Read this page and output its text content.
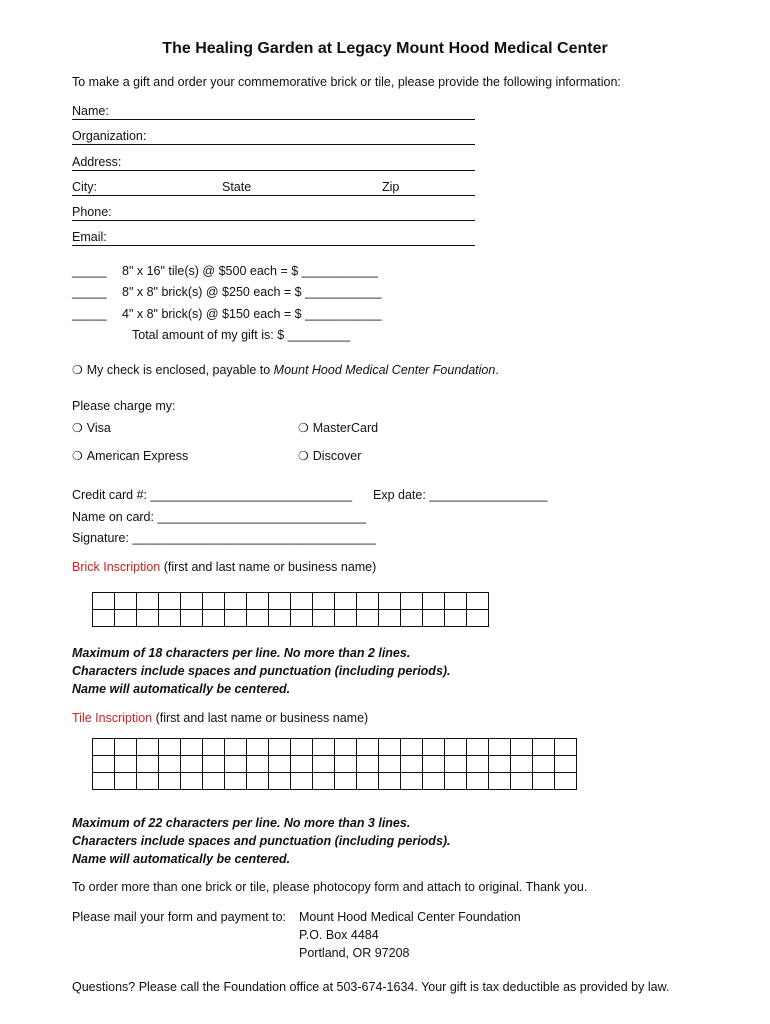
The Healing Garden at Legacy Mount Hood Medical Center
To make a gift and order your commemorative brick or tile, please provide the following information:
Name:
Organization:
Address:
City:	State	Zip
Phone:
Email:
_____ 8" x 16" tile(s) @ $500 each = $ ___________
_____ 8" x 8" brick(s) @ $250 each = $ ___________
_____ 4" x 8" brick(s) @ $150 each = $ ___________
Total amount of my gift is: $ _________
❍ My check is enclosed, payable to Mount Hood Medical Center Foundation.
Please charge my:
❍ Visa	❍ MasterCard
❍ American Express	❍ Discover
Credit card #: _____________________________ Exp date: _________________
Name on card: ______________________________
Signature: ___________________________________
Brick Inscription (first and last name or business name)

Maximum of 18 characters per line. No more than 2 lines.
Characters include spaces and punctuation (including periods).
Name will automatically be centered.
Tile Inscription (first and last name or business name)

Maximum of 22 characters per line. No more than 3 lines.
Characters include spaces and punctuation (including periods).
Name will automatically be centered.
To order more than one brick or tile, please photocopy form and attach to original. Thank you.
Please mail your form and payment to: Mount Hood Medical Center Foundation
P.O. Box 4484
Portland, OR 97208
Questions? Please call the Foundation office at 503-674-1634. Your gift is tax deductible as provided by law.
